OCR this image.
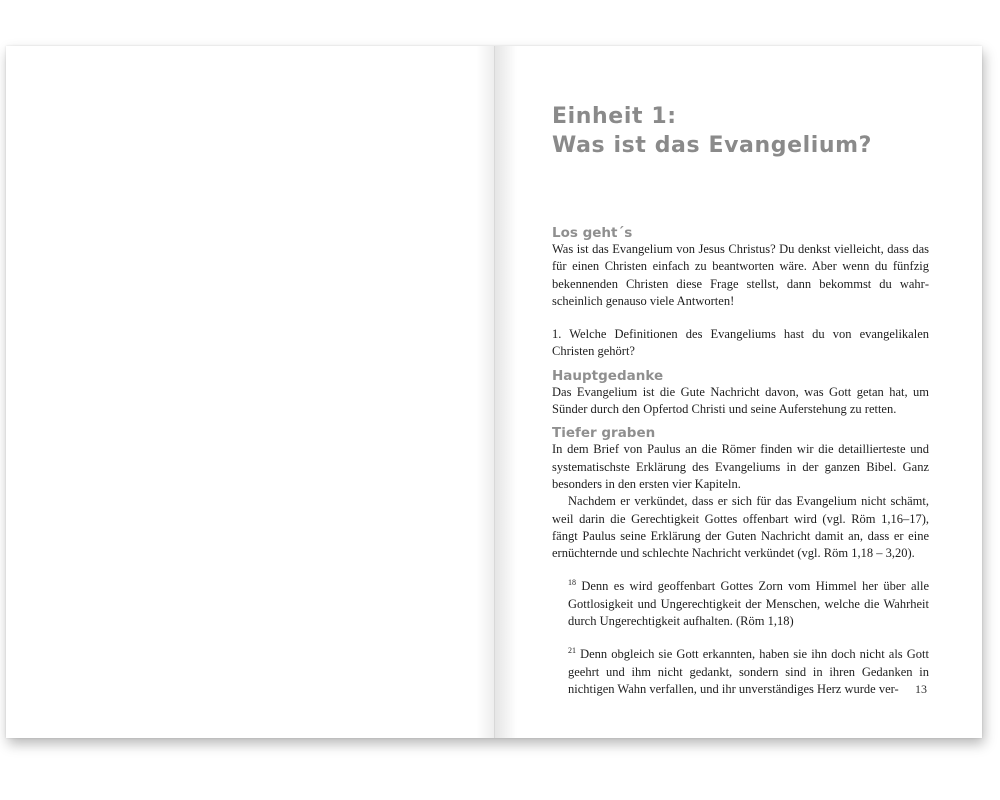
Einheit 1:
Was ist das Evangelium?
Los geht´s

Was ist das Evangelium von Jesus Christus? Du denkst vielleicht, dass das für einen Christen einfach zu beantworten wäre. Aber wenn du fünfzig bekennenden Christen diese Frage stellst, dann bekommst du wahrscheinlich genauso viele Antworten!

1. Welche Definitionen des Evangeliums hast du von evangelikalen Christen gehört?

Hauptgedanke

Das Evangelium ist die Gute Nachricht davon, was Gott getan hat, um Sünder durch den Opfertod Christi und seine Auferstehung zu retten.

Tiefer graben

In dem Brief von Paulus an die Römer finden wir die detaillierteste und systematischste Erklärung des Evangeliums in der ganzen Bibel. Ganz besonders in den ersten vier Kapiteln.

Nachdem er verkündet, dass er sich für das Evangelium nicht schämt, weil darin die Gerechtigkeit Gottes offenbart wird (vgl. Röm 1,16–17), fängt Paulus seine Erklärung der Guten Nachricht damit an, dass er eine ernüchternde und schlechte Nachricht verkündet (vgl. Röm 1,18 – 3,20).

$^{18}$ Denn es wird geoffenbart Gottes Zorn vom Himmel her über alle Gottlosigkeit und Ungerechtigkeit der Menschen, welche die Wahrheit durch Ungerechtigkeit aufhalten. (Röm 1,18)

$^{21}$ Denn obgleich sie Gott erkannten, haben sie ihn doch nicht als Gott geehrt und ihm nicht gedankt, sondern sind in ihren Gedanken in nichtigen Wahn verfallen, und ihr unverständiges Herz wurde ver-	13
